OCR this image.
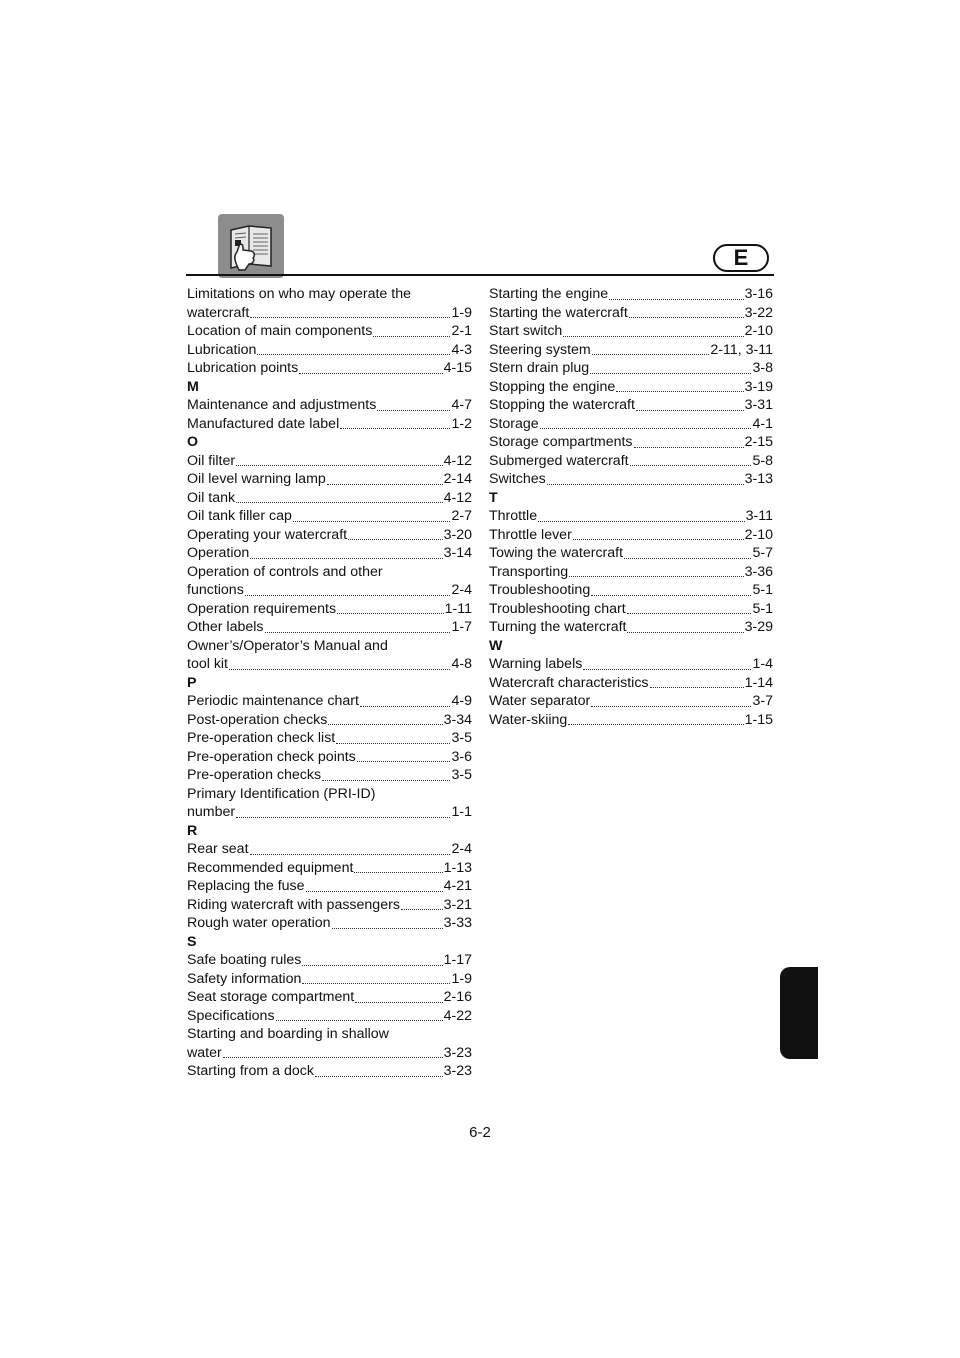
E
Limitations on who may operate the
watercraft	1-9
Location of main components	2-1
Lubrication	4-3
Lubrication points	4-15
M
Maintenance and adjustments	4-7
Manufactured date label	1-2
O
Oil filter	4-12
Oil level warning lamp	2-14
Oil tank	4-12
Oil tank filler cap	2-7
Operating your watercraft	3-20
Operation	3-14
Operation of controls and other
functions	2-4
Operation requirements	1-11
Other labels	1-7
Owner’s/Operator’s Manual and
tool kit	4-8
P
Periodic maintenance chart	4-9
Post-operation checks	3-34
Pre-operation check list	3-5
Pre-operation check points	3-6
Pre-operation checks	3-5
Primary Identification (PRI-ID)
number	1-1
R
Rear seat	2-4
Recommended equipment	1-13
Replacing the fuse	4-21
Riding watercraft with passengers	3-21
Rough water operation	3-33
S
Safe boating rules	1-17
Safety information	1-9
Seat storage compartment	2-16
Specifications	4-22
Starting and boarding in shallow
water	3-23
Starting from a dock	3-23
Starting the engine	3-16
Starting the watercraft	3-22
Start switch	2-10
Steering system	2-11, 3-11
Stern drain plug	3-8
Stopping the engine	3-19
Stopping the watercraft	3-31
Storage	4-1
Storage compartments	2-15
Submerged watercraft	5-8
Switches	3-13
T
Throttle	3-11
Throttle lever	2-10
Towing the watercraft	5-7
Transporting	3-36
Troubleshooting	5-1
Troubleshooting chart	5-1
Turning the watercraft	3-29
W
Warning labels	1-4
Watercraft characteristics	1-14
Water separator	3-7
Water-skiing	1-15
6-2
